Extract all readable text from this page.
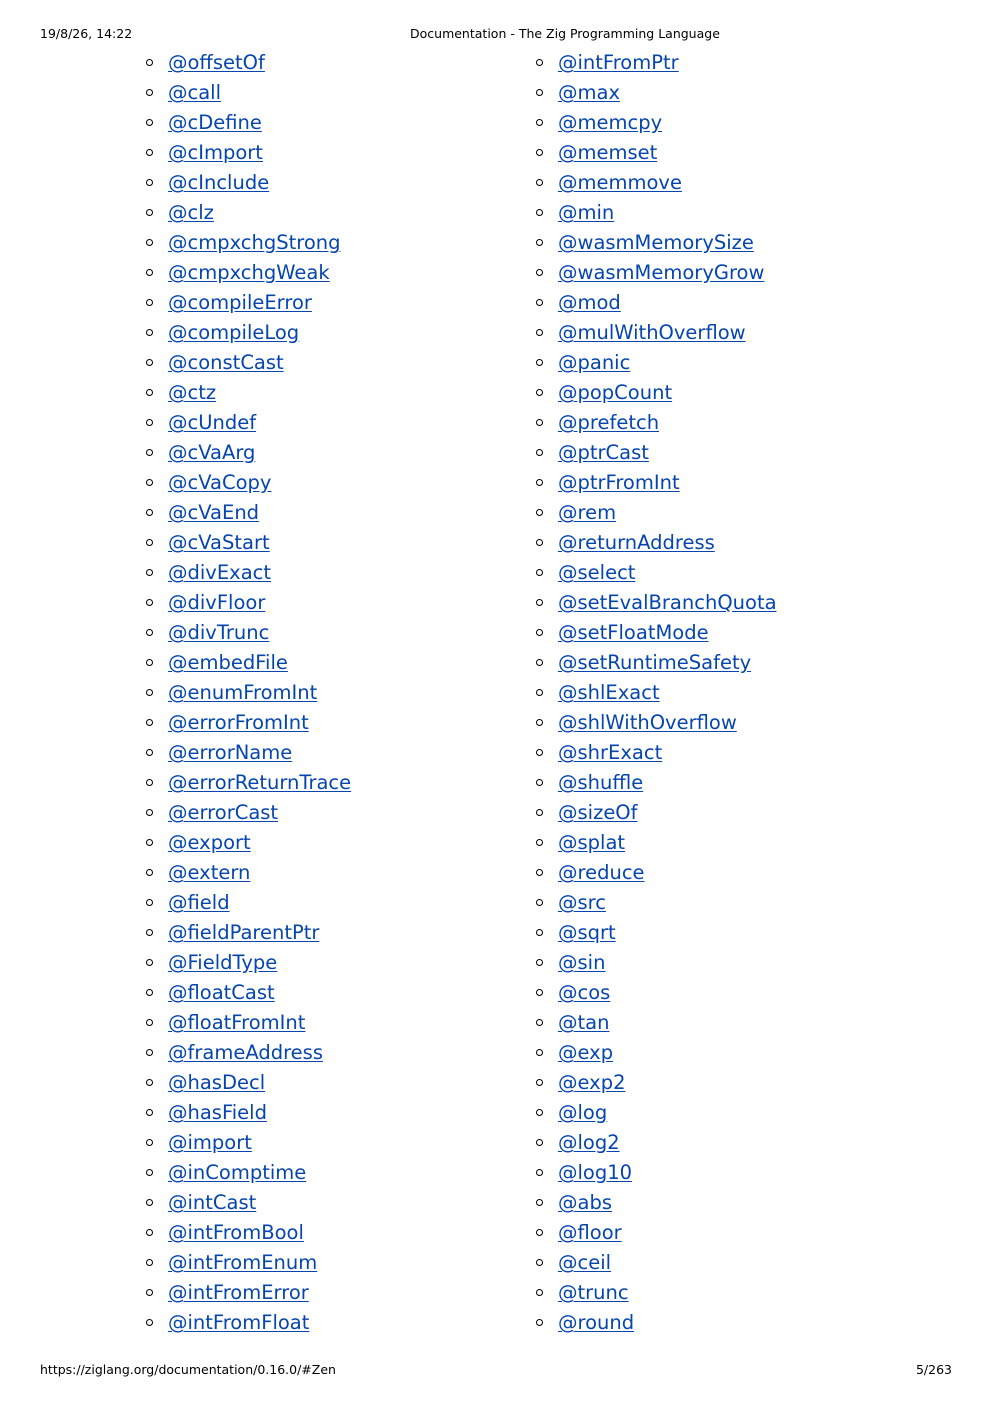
19/8/26, 14:22	Documentation - The Zig Programming Language
@offsetOf
@call
@cDefine
@cImport
@cInclude
@clz
@cmpxchgStrong
@cmpxchgWeak
@compileError
@compileLog
@constCast
@ctz
@cUndef
@cVaArg
@cVaCopy
@cVaEnd
@cVaStart
@divExact
@divFloor
@divTrunc
@embedFile
@enumFromInt
@errorFromInt
@errorName
@errorReturnTrace
@errorCast
@export
@extern
@field
@fieldParentPtr
@FieldType
@floatCast
@floatFromInt
@frameAddress
@hasDecl
@hasField
@import
@inComptime
@intCast
@intFromBool
@intFromEnum
@intFromError
@intFromFloat
@intFromPtr
@max
@memcpy
@memset
@memmove
@min
@wasmMemorySize
@wasmMemoryGrow
@mod
@mulWithOverflow
@panic
@popCount
@prefetch
@ptrCast
@ptrFromInt
@rem
@returnAddress
@select
@setEvalBranchQuota
@setFloatMode
@setRuntimeSafety
@shlExact
@shlWithOverflow
@shrExact
@shuffle
@sizeOf
@splat
@reduce
@src
@sqrt
@sin
@cos
@tan
@exp
@exp2
@log
@log2
@log10
@abs
@floor
@ceil
@trunc
@round
https://ziglang.org/documentation/0.16.0/#Zen	5/263
